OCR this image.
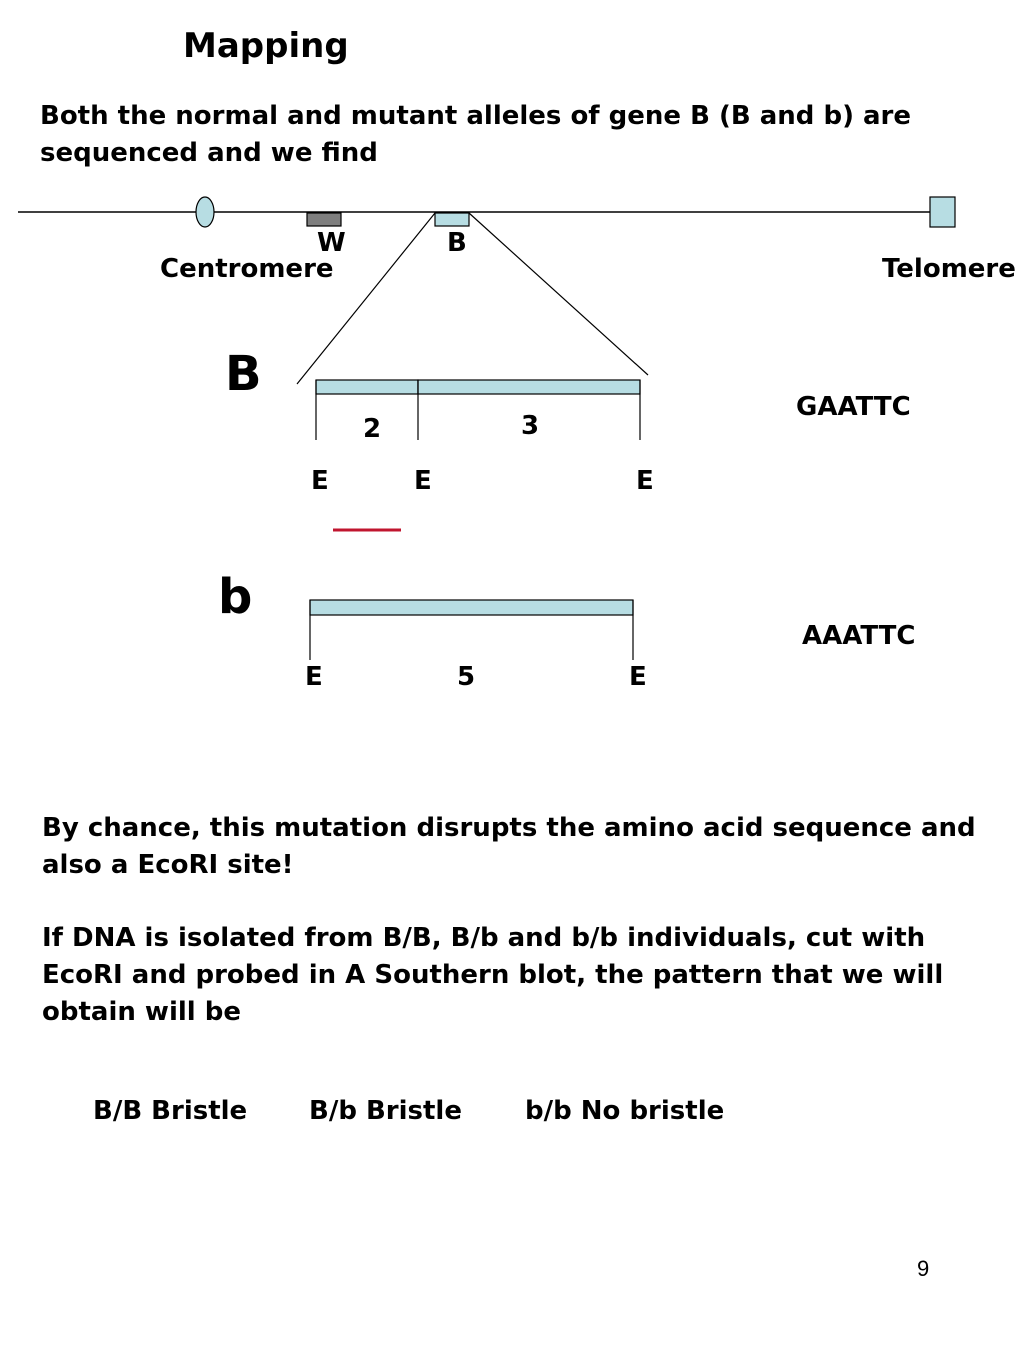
Mapping
Both the normal and mutant alleles of gene B (B and b) are sequenced and we find
W	B
Centromere	Telomere
B
GAATTC
2	3
E	E	E
b
AAATTC
E	5	E
By chance, this mutation disrupts the amino acid sequence and also a EcoRI site!
If DNA is isolated from B/B, B/b and b/b individuals, cut with EcoRI and probed in A Southern blot, the pattern that we will obtain will be
B/B Bristle B/b Bristle b/b No bristle
9
